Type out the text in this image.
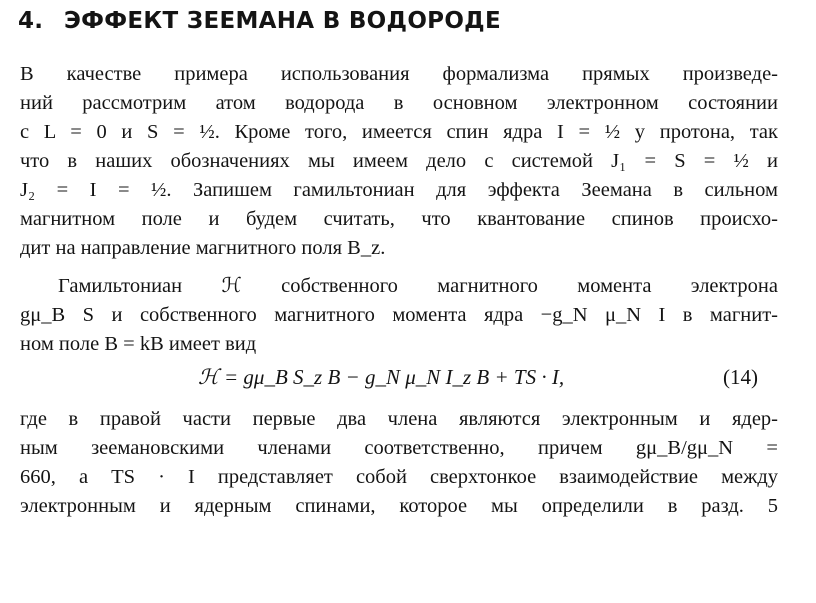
4. ЭФФЕКТ ЗЕЕМАНА В ВОДОРОДЕ
В качестве примера использования формализма прямых произведе-
ний рассмотрим атом водорода в основном электронном состоянии
с L = 0 и S = ½. Кроме того, имеется спин ядра I = ½ у протона, так
что в наших обозначениях мы имеем дело с системой J₁ = S = ½ и
J₂ = I = ½. Запишем гамильтониан для эффекта Зеемана в сильном
магнитном поле и будем считать, что квантование спинов происхо-
дит на направление магнитного поля B_z.
Гамильтониан ℋ собственного магнитного момента электрона
gμ_B S и собственного магнитного момента ядра −g_N μ_N I в магнит-
ном поле B = kB имеет вид
ℋ = gμ_B S_z B − g_N μ_N I_z B + TS · I,	(14)
где в правой части первые два члена являются электронным и ядер-
ным зеемановскими членами соответственно, причем gμ_B/gμ_N =
660, а TS · I представляет собой сверхтонкое взаимодействие между
электронным и ядерным спинами, которое мы определили в разд. 5
